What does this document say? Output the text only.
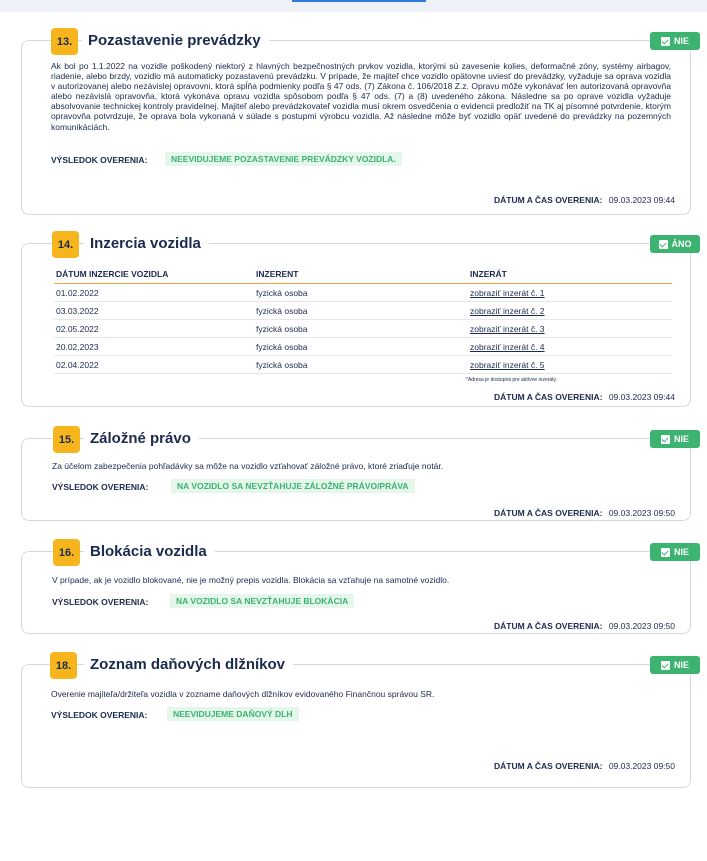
13.	Pozastavenie prevádzky	NIE
Ak bol po 1.1.2022 na vozidle poškodený niektorý z hlavných bezpečnostných prvkov vozidla, ktorými sú zavesenie kolies, deformačné zóny, systémy airbagov, riadenie, alebo brzdy, vozidlo má automaticky pozastavenú prevádzku. V prípade, že majiteľ chce vozidlo opätovne uviesť do prevádzky, vyžaduje sa oprava vozidla v autorizovanej alebo nezávislej opravovni, ktorá spĺňa podmienky podľa § 47 ods. (7) Zákona č. 106/2018 Z.z. Opravu môže vykonávať len autorizovaná opravovňa alebo nezávislá opravovňa, ktorá vykonáva opravu vozidla spôsobom podľa § 47 ods. (7) a (8) uvedeného zákona. Následne sa po oprave vozidla vyžaduje absolvovanie technickej kontroly pravidelnej. Majiteľ alebo prevádzkovateľ vozidla musí okrem osvedčenia o evidencii predložiť na TK aj písomné potvrdenie, ktorým opravovňa potvrdzuje, že oprava bola vykonaná v súlade s postupmi výrobcu vozidla. Až následne môže byť vozidlo opäť uvedené do prevádzky na pozemných komunikáciách.
VÝSLEDOK OVERENIA:	NEEVIDUJEME POZASTAVENIE PREVÁDZKY VOZIDLA.
DÁTUM A ČAS OVERENIA: 09.03.2023 09:44
14.	Inzercia vozidla	ÁNO
DÁTUM INZERCIE VOZIDLA	INZERENT	INZERÁT
01.02.2022	fyzická osoba	zobraziť inzerát č. 1
03.03.2022	fyzická osoba	zobraziť inzerát č. 2
02.05.2022	fyzická osoba	zobraziť inzerát č. 3
20.02.2023	fyzická osoba	zobraziť inzerát č. 4
02.04.2022	fyzická osoba	zobraziť inzerát č. 5
*Adresa je dostupná pre aktívne inzeráty.
DÁTUM A ČAS OVERENIA: 09.03.2023 09:44
15.	Záložné právo	NIE
Za účelom zabezpečenia pohľadávky sa môže na vozidlo vzťahovať záložné právo, ktoré zriaďuje notár.
VÝSLEDOK OVERENIA:	NA VOZIDLO SA NEVZŤAHUJE ZÁLOŽNÉ PRÁVO/PRÁVA
DÁTUM A ČAS OVERENIA: 09.03.2023 09:50
16.	Blokácia vozidla	NIE
V prípade, ak je vozidlo blokované, nie je možný prepis vozidla. Blokácia sa vzťahuje na samotné vozidlo.
VÝSLEDOK OVERENIA:	NA VOZIDLO SA NEVZŤAHUJE BLOKÁCIA
DÁTUM A ČAS OVERENIA: 09.03.2023 09:50
18.	Zoznam daňových dlžníkov	NIE
Overenie majiteľa/držiteľa vozidla v zozname daňových dlžníkov evidovaného Finančnou správou SR.
VÝSLEDOK OVERENIA:	NEEVIDUJEME DAŇOVÝ DLH
DÁTUM A ČAS OVERENIA: 09.03.2023 09:50
